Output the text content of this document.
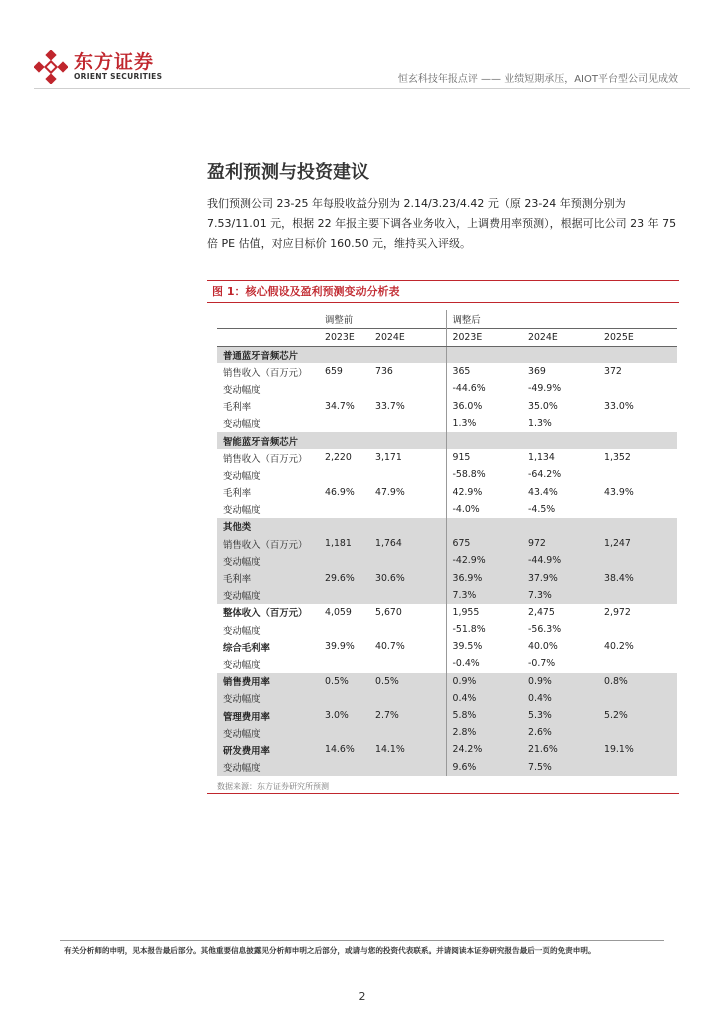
东方证券
ORIENT SECURITIES	恒玄科技年报点评 —— 业绩短期承压，AIOT平台型公司见成效
盈利预测与投资建议
我们预测公司 23-25 年每股收益分别为 2.14/3.23/4.42 元（原 23-24 年预测分别为 7.53/11.01 元，根据 22 年报主要下调各业务收入，上调费用率预测），根据可比公司 23 年 75 倍 PE 估值，对应目标价 160.50 元，维持买入评级。
图 1：核心假设及盈利预测变动分析表
	调整前		调整后		
	2023E	2024E	2023E	2024E	2025E
普通蓝牙音频芯片					
销售收入（百万元）	659	736	365	369	372
变动幅度			-44.6%	-49.9%	
毛利率	34.7%	33.7%	36.0%	35.0%	33.0%
变动幅度			1.3%	1.3%	
智能蓝牙音频芯片					
销售收入（百万元）	2,220	3,171	915	1,134	1,352
变动幅度			-58.8%	-64.2%	
毛利率	46.9%	47.9%	42.9%	43.4%	43.9%
变动幅度			-4.0%	-4.5%	
其他类					
销售收入（百万元）	1,181	1,764	675	972	1,247
变动幅度			-42.9%	-44.9%	
毛利率	29.6%	30.6%	36.9%	37.9%	38.4%
变动幅度			7.3%	7.3%	
整体收入（百万元）	4,059	5,670	1,955	2,475	2,972
变动幅度			-51.8%	-56.3%	
综合毛利率	39.9%	40.7%	39.5%	40.0%	40.2%
变动幅度			-0.4%	-0.7%	
销售费用率	0.5%	0.5%	0.9%	0.9%	0.8%
变动幅度			0.4%	0.4%	
管理费用率	3.0%	2.7%	5.8%	5.3%	5.2%
变动幅度			2.8%	2.6%	
研发费用率	14.6%	14.1%	24.2%	21.6%	19.1%
变动幅度			9.6%	7.5%	
数据来源：东方证券研究所预测
有关分析师的申明，见本报告最后部分。其他重要信息披露见分析师申明之后部分，或请与您的投资代表联系。并请阅读本证券研究报告最后一页的免责申明。
2
